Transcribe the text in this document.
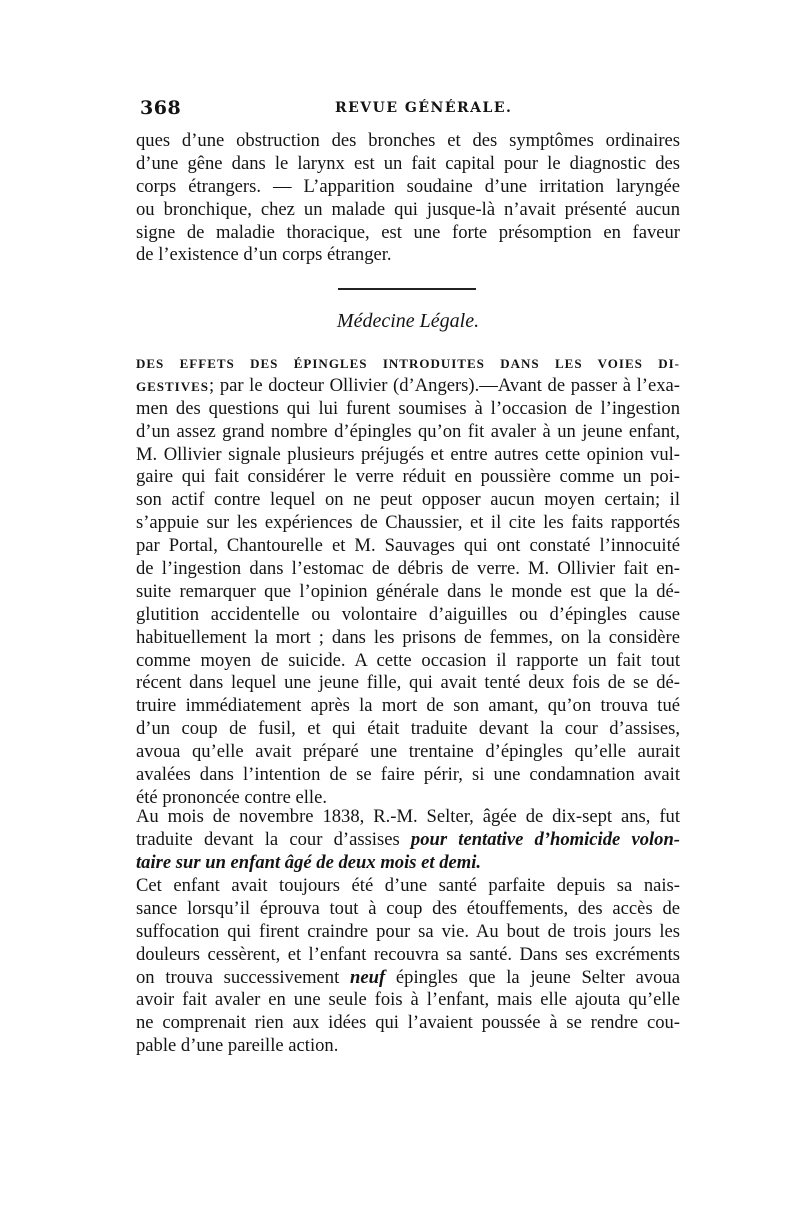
368	REVUE GÉNÉRALE.
ques d’une obstruction des bronches et des symptômes ordinaires
d’une gêne dans le larynx est un fait capital pour le diagnostic des
corps étrangers. — L’apparition soudaine d’une irritation laryngée
ou bronchique, chez un malade qui jusque-là n’avait présenté aucun
signe de maladie thoracique, est une forte présomption en faveur
de l’existence d’un corps étranger.
Médecine Légale.
DES EFFETS DES ÉPINGLES INTRODUITES DANS LES VOIES DI-
GESTIVES; par le docteur Ollivier (d’Angers).—Avant de passer à l’exa-
men des questions qui lui furent soumises à l’occasion de l’ingestion
d’un assez grand nombre d’épingles qu’on fit avaler à un jeune enfant,
M. Ollivier signale plusieurs préjugés et entre autres cette opinion vul-
gaire qui fait considérer le verre réduit en poussière comme un poi-
son actif contre lequel on ne peut opposer aucun moyen certain; il
s’appuie sur les expériences de Chaussier, et il cite les faits rapportés
par Portal, Chantourelle et M. Sauvages qui ont constaté l’innocuité
de l’ingestion dans l’estomac de débris de verre. M. Ollivier fait en-
suite remarquer que l’opinion générale dans le monde est que la dé-
glutition accidentelle ou volontaire d’aiguilles ou d’épingles cause
habituellement la mort ; dans les prisons de femmes, on la considère
comme moyen de suicide. A cette occasion il rapporte un fait tout
récent dans lequel une jeune fille, qui avait tenté deux fois de se dé-
truire immédiatement après la mort de son amant, qu’on trouva tué
d’un coup de fusil, et qui était traduite devant la cour d’assises,
avoua qu’elle avait préparé une trentaine d’épingles qu’elle aurait
avalées dans l’intention de se faire périr, si une condamnation avait
été prononcée contre elle.
Au mois de novembre 1838, R.-M. Selter, âgée de dix-sept ans, fut
traduite devant la cour d’assises pour tentative d’homicide volon-
taire sur un enfant âgé de deux mois et demi.
Cet enfant avait toujours été d’une santé parfaite depuis sa nais-
sance lorsqu’il éprouva tout à coup des étouffements, des accès de
suffocation qui firent craindre pour sa vie. Au bout de trois jours les
douleurs cessèrent, et l’enfant recouvra sa santé. Dans ses excréments
on trouva successivement neuf épingles que la jeune Selter avoua
avoir fait avaler en une seule fois à l’enfant, mais elle ajouta qu’elle
ne comprenait rien aux idées qui l’avaient poussée à se rendre cou-
pable d’une pareille action.
